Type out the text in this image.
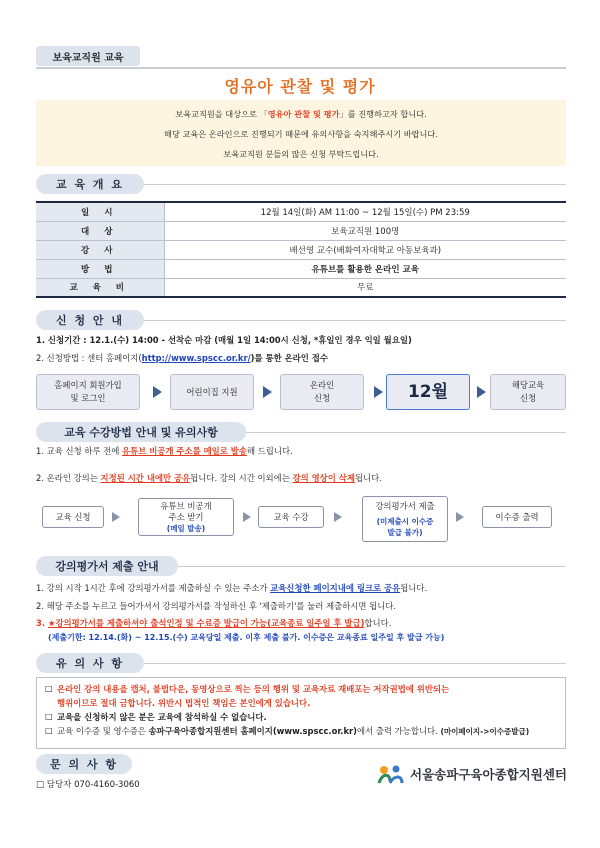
보육교직원 교육
영유아 관찰 및 평가
보육교직원을 대상으로 「영유아 관찰 및 평가」를 진행하고자 합니다.
해당 교육은 온라인으로 진행되기 때문에 유의사항을 숙지해주시기 바랍니다.
보육교직원 분들의 많은 신청 부탁드립니다.
교 육 개 요
일 시	12월 14일(화) AM 11:00 ~ 12월 15일(수) PM 23:59
대 상	보육교직원 100명
강 사	배선영 교수(배화여자대학교 아동보육과)
방 법	유튜브를 활용한 온라인 교육
교 육 비	무료
신 청 안 내
1. 신청기간 : 12.1.(수) 14:00 - 선착순 마감 (매월 1일 14:00시 신청, *휴일인 경우 익일 월요일)
2. 신청방법 : 센터 홈페이지(http://www.spscc.or.kr/)를 통한 온라인 접수
홈페이지 회원가입
및 로그인
어린이집 지원
온라인
신청	12월	해당교육
신청
교육 수강방법 안내 및 유의사항
1. 교육 신청 하루 전에 유튜브 비공개 주소를 메일로 발송해 드립니다.
2. 온라인 강의는 지정된 시간 내에만 공유됩니다. 강의 시간 이외에는 강의 영상이 삭제됩니다.
교육 신청
유튜브 비공개
주소 받기
(메일 발송)
교육 수강
강의평가서 제출
(미제출시 이수증
발급 불가)
이수증 출력
강의평가서 제출 안내
1. 강의 시작 1시간 후에 강의평가서를 제출하실 수 있는 주소가 교육신청한 페이지내에 링크로 공유됩니다.
2. 해당 주소를 누르고 들어가셔서 강의평가서를 작성하신 후 '제출하기'를 눌러 제출하시면 됩니다.
3. ★강의평가서를 제출하셔야 출석인정 및 수료증 발급이 가능(교육종료 일주일 후 발급)합니다.
(제출기한: 12.14.(화) ~ 12.15.(수) 교육당일 제출. 이후 제출 불가. 이수증은 교육종료 일주일 후 발급 가능)
유 의 사 항
□ 온라인 강의 내용을 캡처, 불법다운, 동영상으로 찍는 등의 행위 및 교육자료 재배포는 저작권법에 위반되는
행위이므로 절대 금합니다. 위반시 법적인 책임은 본인에게 있습니다.
□ 교육을 신청하지 않은 분은 교육에 참석하실 수 없습니다.
□ 교육 이수증 및 영수증은 송파구육아종합지원센터 홈페이지(www.spscc.or.kr)에서 출력 가능합니다. (마이페이지->이수증발급)
문 의 사 항
□ 담당자 070-4160-3060
서울송파구육아종합지원센터
